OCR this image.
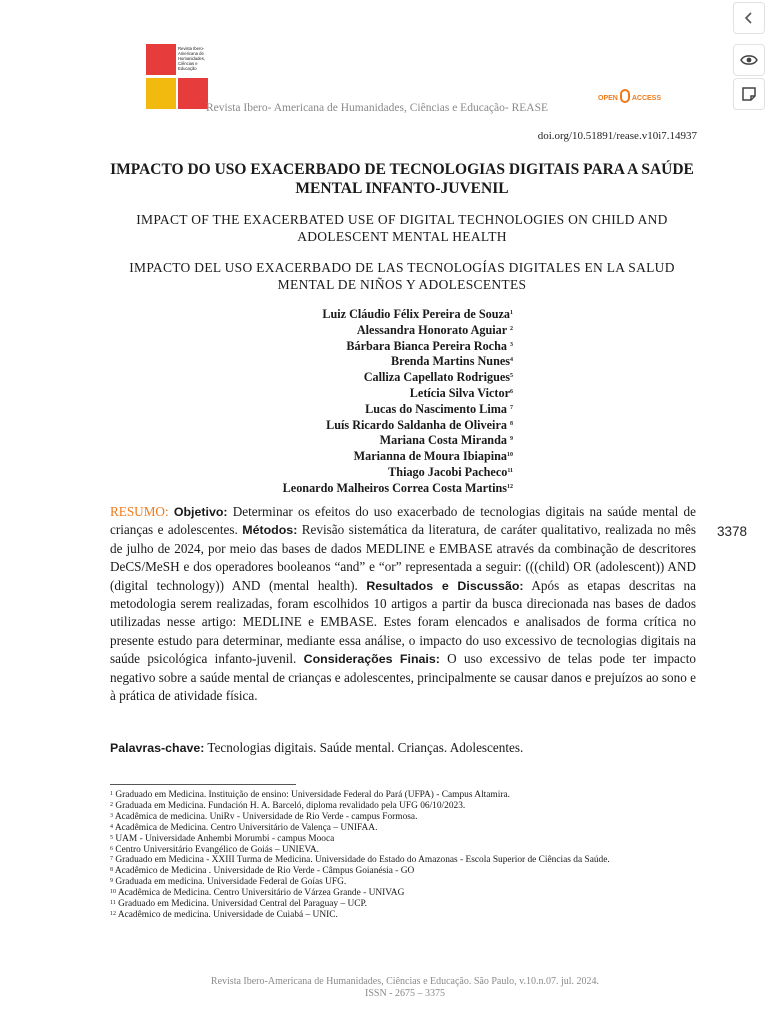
Revista Ibero-Americana de Humanidades, Ciências e Educação
Revista Ibero- Americana de Humanidades, Ciências e Educação- REASE
OPEN ACCESS
doi.org/10.51891/rease.v10i7.14937
IMPACTO DO USO EXACERBADO DE TECNOLOGIAS DIGITAIS PARA A SAÚDE MENTAL INFANTO-JUVENIL
IMPACT OF THE EXACERBATED USE OF DIGITAL TECHNOLOGIES ON CHILD AND ADOLESCENT MENTAL HEALTH
IMPACTO DEL USO EXACERBADO DE LAS TECNOLOGÍAS DIGITALES EN LA SALUD MENTAL DE NIÑOS Y ADOLESCENTES
Luiz Cláudio Félix Pereira de Souza$^1$
Alessandra Honorato Aguiar $^2$
Bárbara Bianca Pereira Rocha $^3$
Brenda Martins Nunes$^4$
Calliza Capellato Rodrigues$^5$
Letícia Silva Victor$^6$
Lucas do Nascimento Lima $^7$
Luís Ricardo Saldanha de Oliveira $^8$
Mariana Costa Miranda $^9$
Marianna de Moura Ibiapina$^{10}$
Thiago Jacobi Pacheco$^{11}$
Leonardo Malheiros Correa Costa Martins$^{12}$
RESUMO: Objetivo: Determinar os efeitos do uso exacerbado de tecnologias digitais na saúde mental de crianças e adolescentes. Métodos: Revisão sistemática da literatura, de caráter qualitativo, realizada no mês de julho de 2024, por meio das bases de dados MEDLINE e EMBASE através da combinação de descritores DeCS/MeSH e dos operadores booleanos “and” e “or” representada a seguir: (((child) OR (adolescent)) AND (digital technology)) AND (mental health). Resultados e Discussão: Após as etapas descritas na metodologia serem realizadas, foram escolhidos 10 artigos a partir da busca direcionada nas bases de dados utilizadas nesse artigo: MEDLINE e EMBASE. Estes foram elencados e analisados de forma crítica no presente estudo para determinar, mediante essa análise, o impacto do uso excessivo de tecnologias digitais na saúde psicológica infanto-juvenil. Considerações Finais: O uso excessivo de telas pode ter impacto negativo sobre a saúde mental de crianças e adolescentes, principalmente se causar danos e prejuízos ao sono e à prática de atividade física.
Palavras-chave: Tecnologias digitais. Saúde mental. Crianças. Adolescentes.

$^1$ Graduado em Medicina. Instituição de ensino: Universidade Federal do Pará (UFPA) - Campus Altamira.

$^2$ Graduada em Medicina. Fundación H. A. Barceló, diploma revalidado pela UFG 06/10/2023.

$^3$ Acadêmica de medicina. UniRv - Universidade de Rio Verde - campus Formosa.

$^4$ Acadêmica de Medicina. Centro Universitário de Valença – UNIFAA.

$^5$ UAM - Universidade Anhembi Morumbi - campus Mooca

$^6$ Centro Universitário Evangélico de Goiás – UNIEVA.

$^7$ Graduado em Medicina - XXIII Turma de Medicina. Universidade do Estado do Amazonas - Escola Superior de Ciências da Saúde.

$^8$ Acadêmico de Medicina . Universidade de Rio Verde - Câmpus Goianésia - GO

$^9$ Graduada em medicina. Universidade Federal de Goías UFG.

$^{10}$ Acadêmica de Medicina. Centro Universitário de Várzea Grande - UNIVAG

$^{11}$ Graduado em Medicina. Universidad Central del Paraguay – UCP.

$^{12}$ Acadêmico de medicina. Universidade de Cuiabá – UNIC.

Revista Ibero-Americana de Humanidades, Ciências e Educação. São Paulo, v.10.n.07. jul. 2024.
ISSN - 2675 – 3375
3378
